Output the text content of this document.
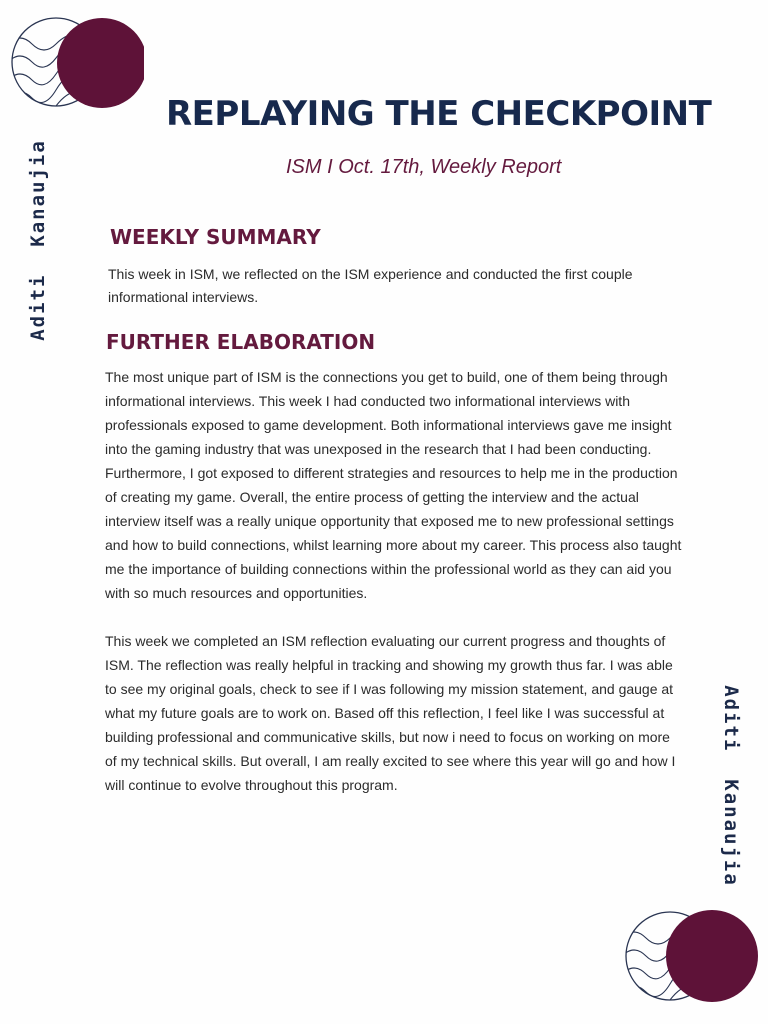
Aditi  Kanaujia
Aditi  Kanaujia
REPLAYING THE CHECKPOINT
ISM I Oct. 17th, Weekly Report
WEEKLY SUMMARY

This week in ISM, we reflected on the ISM experience and conducted the first couple informational interviews.

FURTHER ELABORATION

The most unique part of ISM is the connections you get to build, one of them being through informational interviews. This week I had conducted two informational interviews with professionals exposed to game development. Both informational interviews gave me insight into the gaming industry that was unexposed in the research that I had been conducting. Furthermore, I got exposed to different strategies and resources to help me in the production of creating my game. Overall, the entire process of getting the interview and the actual interview itself was a really unique opportunity that exposed me to new professional settings and how to build connections, whilst learning more about my career. This process also taught me the importance of building connections within the professional world as they can aid you with so much resources and opportunities.

This week we completed an ISM reflection evaluating our current progress and thoughts of ISM. The reflection was really helpful in tracking and showing my growth thus far. I was able to see my original goals, check to see if I was following my mission statement, and gauge at what my future goals are to work on. Based off this reflection, I feel like I was successful at building professional and communicative skills, but now i need to focus on working on more of my technical skills. But overall, I am really excited to see where this year will go and how I will continue to evolve throughout this program.
